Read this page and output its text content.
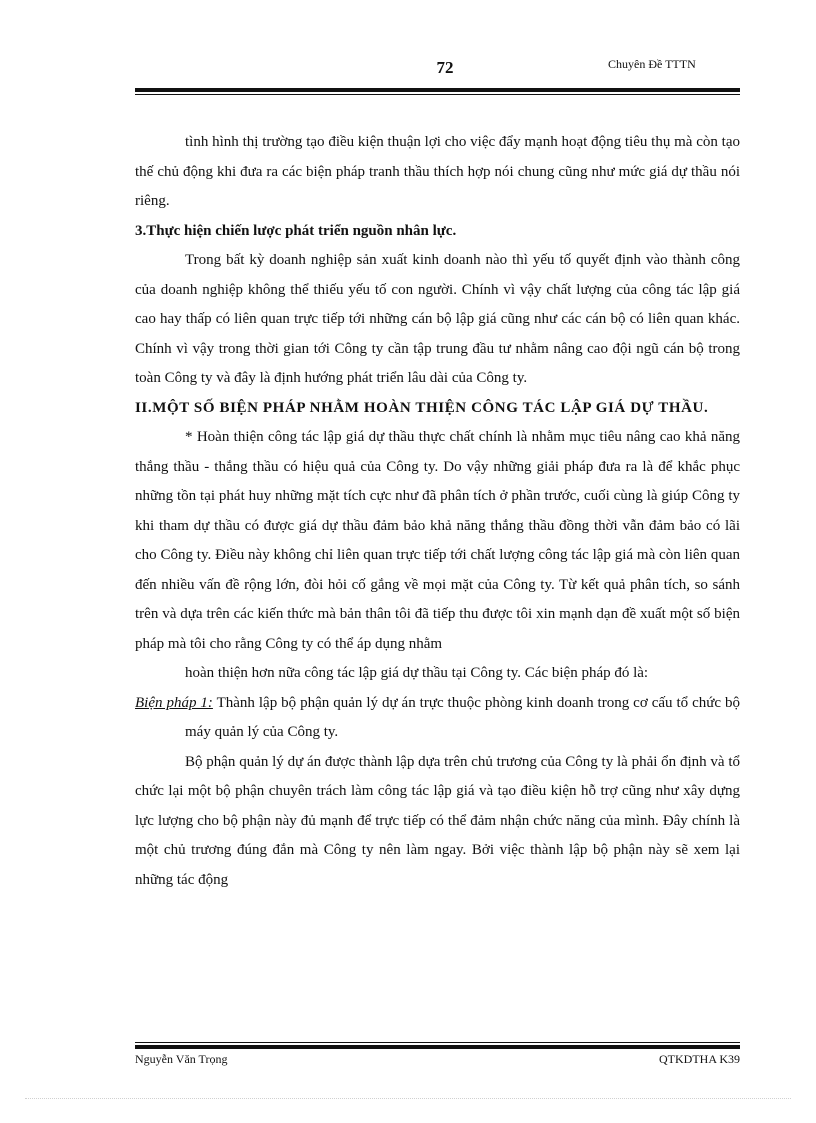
72	Chuyên Đề TTTN

tình hình thị trường tạo điều kiện thuận lợi cho việc đẩy mạnh hoạt động tiêu thụ mà còn tạo thế chủ động khi đưa ra các biện pháp tranh thầu thích hợp nói chung cũng như mức giá dự thầu nói riêng.

3.Thực hiện chiến lược phát triển nguồn nhân lực.

Trong bất kỳ doanh nghiệp sản xuất kinh doanh nào thì yếu tố quyết định vào thành công của doanh nghiệp không thể thiếu yếu tố con người. Chính vì vậy chất lượng của công tác lập giá cao hay thấp có liên quan trực tiếp tới những cán bộ lập giá cũng như các cán bộ có liên quan khác. Chính vì vậy trong thời gian tới Công ty cần tập trung đầu tư nhằm nâng cao đội ngũ cán bộ trong toàn Công ty và đây là định hướng phát triển lâu dài của Công ty.

II.MỘT SỐ BIỆN PHÁP NHẰM HOÀN THIỆN CÔNG TÁC LẬP GIÁ DỰ THẦU.

* Hoàn thiện công tác lập giá dự thầu thực chất chính là nhằm mục tiêu nâng cao khả năng thắng thầu - thắng thầu có hiệu quả của Công ty. Do vậy những giải pháp đưa ra là để khắc phục những tồn tại phát huy những mặt tích cực như đã phân tích ở phần trước, cuối cùng là giúp Công ty khi tham dự thầu có được giá dự thầu đảm bảo khả năng thắng thầu đồng thời vẫn đảm bảo có lãi cho Công ty. Điều này không chỉ liên quan trực tiếp tới chất lượng công tác lập giá mà còn liên quan đến nhiều vấn đề rộng lớn, đòi hỏi cố gắng về mọi mặt của Công ty. Từ kết quả phân tích, so sánh trên và dựa trên các kiến thức mà bản thân tôi đã tiếp thu được tôi xin mạnh dạn đề xuất một số biện pháp mà tôi cho rằng Công ty có thể áp dụng nhằm

hoàn thiện hơn nữa công tác lập giá dự thầu tại Công ty. Các biện pháp đó là:

Biện pháp 1: Thành lập bộ phận quản lý dự án trực thuộc phòng kinh doanh trong cơ cấu tổ chức bộ máy quản lý của Công ty.

Bộ phận quản lý dự án được thành lập dựa trên chủ trương của Công ty là phải ổn định và tổ chức lại một bộ phận chuyên trách làm công tác lập giá và tạo điều kiện hỗ trợ cũng như xây dựng lực lượng cho bộ phận này đủ mạnh để trực tiếp có thể đảm nhận chức năng của mình. Đây chính là một chủ trương đúng đắn mà Công ty nên làm ngay. Bởi việc thành lập bộ phận này sẽ xem lại những tác động

Nguyễn Văn Trọng	QTKDTHA K39
